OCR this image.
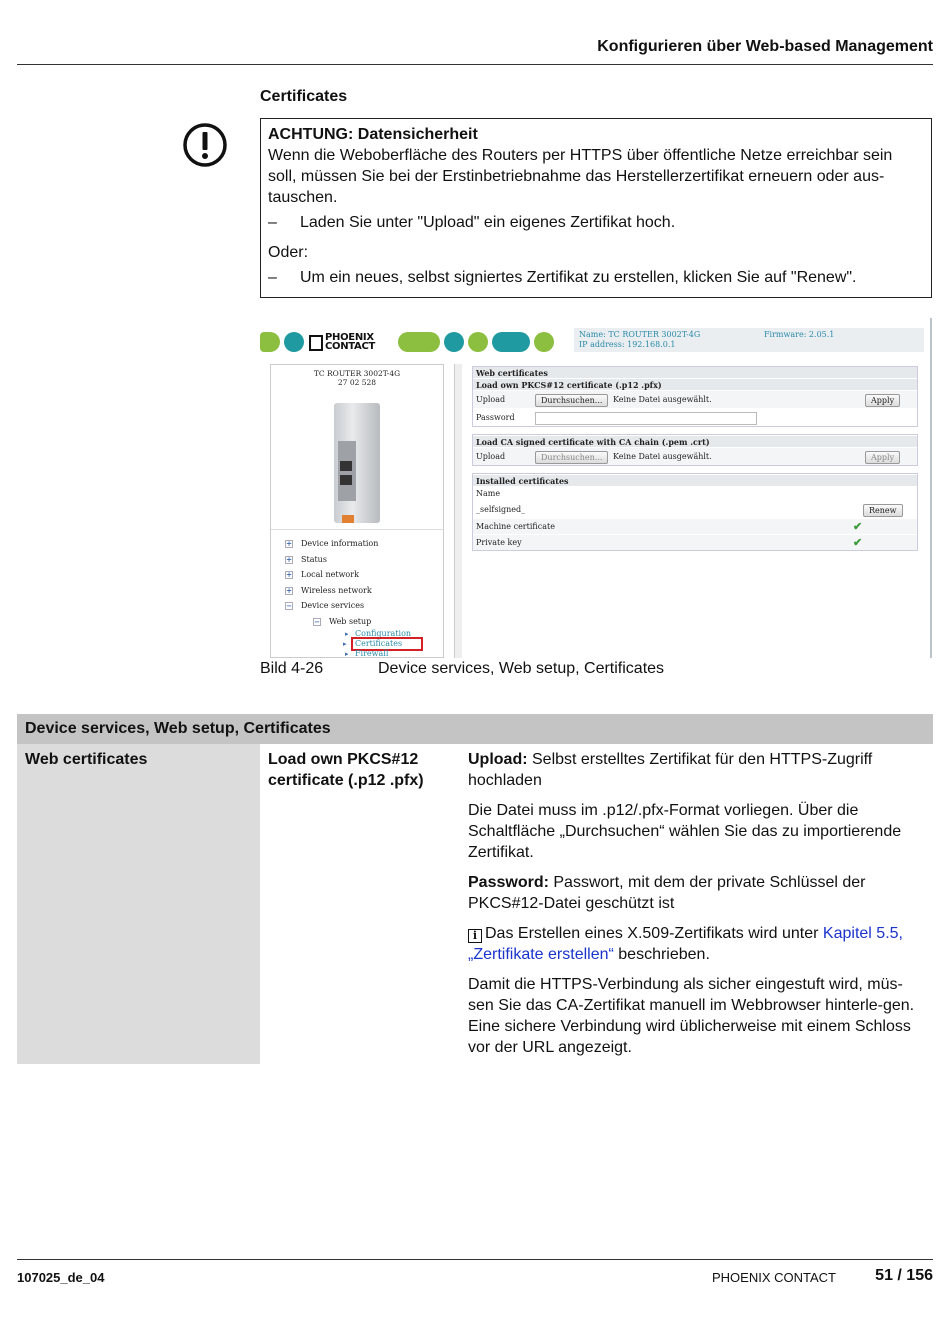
Konfigurieren über Web-based Management
Certificates
ACHTUNG: Datensicherheit
Wenn die Weboberfläche des Routers per HTTPS über öffentliche Netze erreichbar sein soll, müssen Sie bei der Erstinbetriebnahme das Herstellerzertifikat erneuern oder aus-tauschen.
–	Laden Sie unter "Upload" ein eigenes Zertifikat hoch.
Oder:
–	Um ein neues, selbst signiertes Zertifikat zu erstellen, klicken Sie auf "Renew".
PHOENIX
CONTACT
Name: TC ROUTER 3002T-4G
IP address: 192.168.0.1
Firmware: 2.05.1
TC ROUTER 3002T-4G
27 02 528
+ Device information
+ Status
+ Local network
+ Wireless network
− Device services
− Web setup
▸ Configuration
▸ Certificates
▸ Firewall
Web certificates
Load own PKCS#12 certificate (.p12 .pfx)
Upload	Durchsuchen...	Keine Datei ausgewählt.	Apply
Password
Load CA signed certificate with CA chain (.pem .crt)
Upload	Durchsuchen...	Keine Datei ausgewählt.	Apply
Installed certificates
Name
_selfsigned_	Renew
Machine certificate	✔
Private key	✔
Bild 4-26	Device services, Web setup, Certificates
Device services, Web setup, Certificates
Web certificates	Load own PKCS#12 certificate (.p12 .pfx)

Upload: Selbst erstelltes Zertifikat für den HTTPS-Zugriff hochladen

Die Datei muss im .p12/.pfx-Format vorliegen. Über die Schaltfläche „Durchsuchen“ wählen Sie das zu importierende Zertifikat.

Password: Passwort, mit dem der private Schlüssel der PKCS#12-Datei geschützt ist

i Das Erstellen eines X.509-Zertifikats wird unter Kapitel 5.5, „Zertifikate erstellen“ beschrieben.

Damit die HTTPS-Verbindung als sicher eingestuft wird, müs-sen Sie das CA-Zertifikat manuell im Webbrowser hinterle-gen. Eine sichere Verbindung wird üblicherweise mit einem Schloss vor der URL angezeigt.

107025_de_04	PHOENIX CONTACT 51 / 156
